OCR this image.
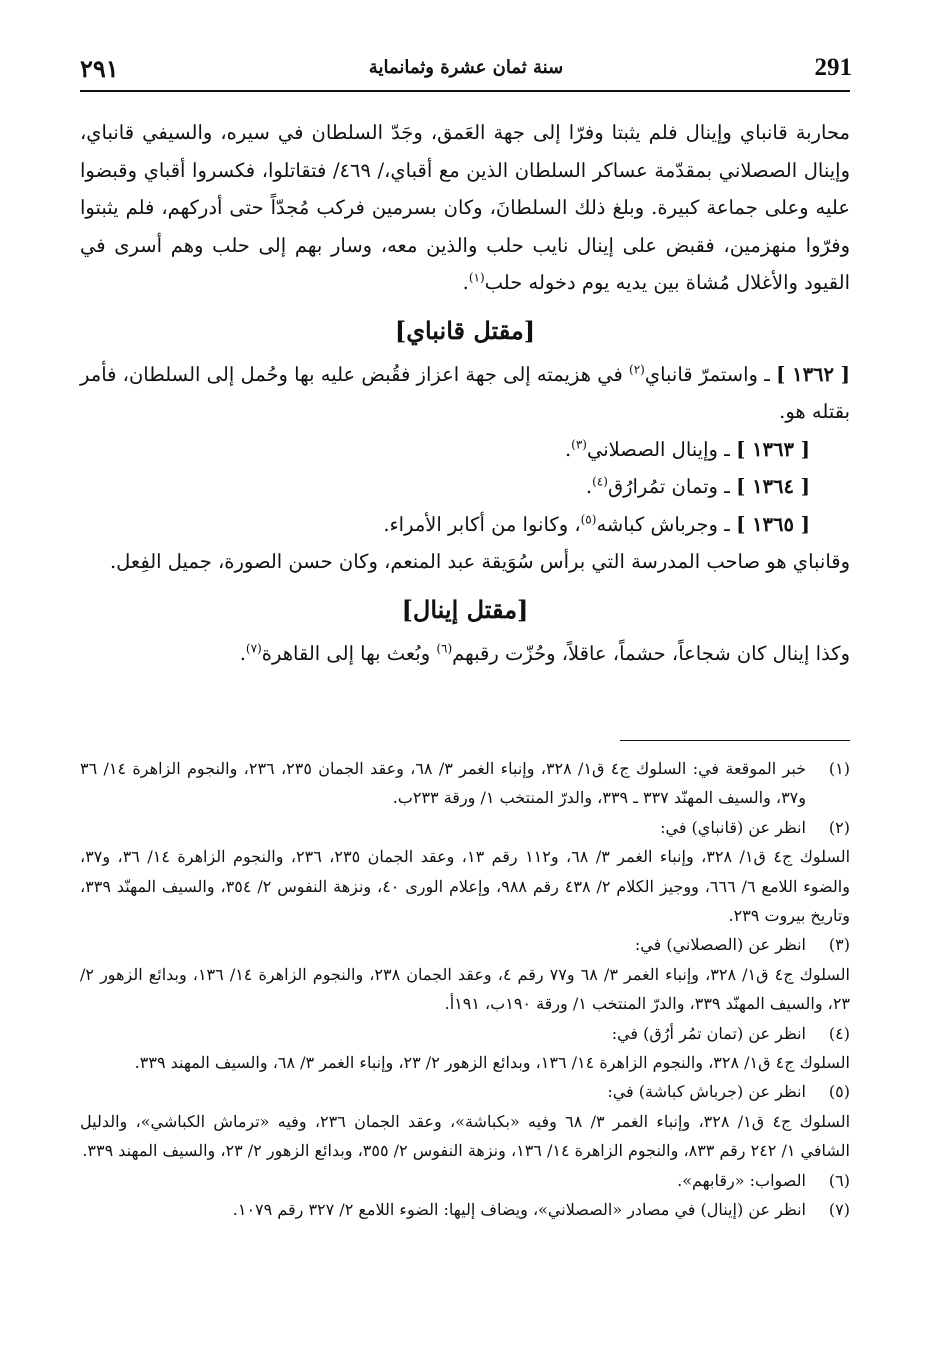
٢٩١	سنة ثمان عشرة وثمانماية	291

محاربة قانباي وإينال فلم يثبتا وفرّا إلى جهة العَمق، وجَدّ السلطان في سيره، والسيفي قانباي، وإينال الصصلاني بمقدّمة عساكر السلطان الذين مع أقباي،/ ٤٦٩/ فتقاتلوا، فكسروا أقباي وقبضوا عليه وعلى جماعة كبيرة. وبلغ ذلك السلطانَ، وكان بسرمين فركب مُجدّاً حتى أدركهم، فلم يثبتوا وفرّوا منهزمين، فقبض على إينال نايب حلب والذين معه، وسار بهم إلى حلب وهم أسرى في القيود والأغلال مُشاة بين يديه يوم دخوله حلب$^{(١)}$.

[مقتل قانباي]

[ ١٣٦٢ ] ـ واستمرّ قانباي$^{(٢)}$ في هزيمته إلى جهة اعزاز فقُبض عليه بها وحُمل إلى السلطان، فأمر بقتله هو.

[ ١٣٦٣ ] ـ وإينال الصصلاني$^{(٣)}$.

[ ١٣٦٤ ] ـ وتمان تمُرارُق$^{(٤)}$.

[ ١٣٦٥ ] ـ وجرباش كباشه$^{(٥)}$، وكانوا من أكابر الأمراء.

وقانباي هو صاحب المدرسة التي برأس سُوَيقة عبد المنعم، وكان حسن الصورة، جميل الفِعل.

[مقتل إينال]

وكذا إينال كان شجاعاً، حشماً، عاقلاً، وحُزّت رقبهم$^{(٦)}$ وبُعث بها إلى القاهرة$^{(٧)}$.

(١)
خبر الموقعة في: السلوك ج٤ ق١/ ٣٢٨، وإنباء الغمر ٣/ ٦٨، وعقد الجمان ٢٣٥، ٢٣٦، والنجوم الزاهرة ١٤/ ٣٦ و٣٧، والسيف المهنّد ٣٣٧ ـ ٣٣٩، والدرّ المنتخب ١/ ورقة ٢٣٣ب.
(٢)
انظر عن (قانباي) في:
السلوك ج٤ ق١/ ٣٢٨، وإنباء الغمر ٣/ ٦٨، و١١٢ رقم ١٣، وعقد الجمان ٢٣٥، ٢٣٦، والنجوم الزاهرة ١٤/ ٣٦، و٣٧، والضوء اللامع ٦/ ٦٦٦، ووجيز الكلام ٢/ ٤٣٨ رقم ٩٨٨، وإعلام الورى ٤٠، ونزهة النفوس ٢/ ٣٥٤، والسيف المهنّد ٣٣٩، وتاريخ بيروت ٢٣٩.
(٣)
انظر عن (الصصلاني) في:
السلوك ج٤ ق١/ ٣٢٨، وإنباء الغمر ٣/ ٦٨ و٧٧ رقم ٤، وعقد الجمان ٢٣٨، والنجوم الزاهرة ١٤/ ١٣٦، وبدائع الزهور ٢/ ٢٣، والسيف المهنّد ٣٣٩، والدرّ المنتخب ١/ ورقة ١٩٠ب، ١٩١أ.
(٤)
انظر عن (تمان تمُر أرُق) في:
السلوك ج٤ ق١/ ٣٢٨، والنجوم الزاهرة ١٤/ ١٣٦، وبدائع الزهور ٢/ ٢٣، وإنباء الغمر ٣/ ٦٨، والسيف المهند ٣٣٩.
(٥)
انظر عن (جرباش كباشة) في:
السلوك ج٤ ق١/ ٣٢٨، وإنباء الغمر ٣/ ٦٨ وفيه «بكباشة»، وعقد الجمان ٢٣٦، وفيه «ترماش الكباشي»، والدليل الشافي ١/ ٢٤٢ رقم ٨٣٣، والنجوم الزاهرة ١٤/ ١٣٦، ونزهة النفوس ٢/ ٣٥٥، وبدائع الزهور ٢/ ٢٣، والسيف المهند ٣٣٩.
(٦)
الصواب: «رقابهم».
(٧)
انظر عن (إينال) في مصادر «الصصلاني»، ويضاف إليها: الضوء اللامع ٢/ ٣٢٧ رقم ١٠٧٩.
